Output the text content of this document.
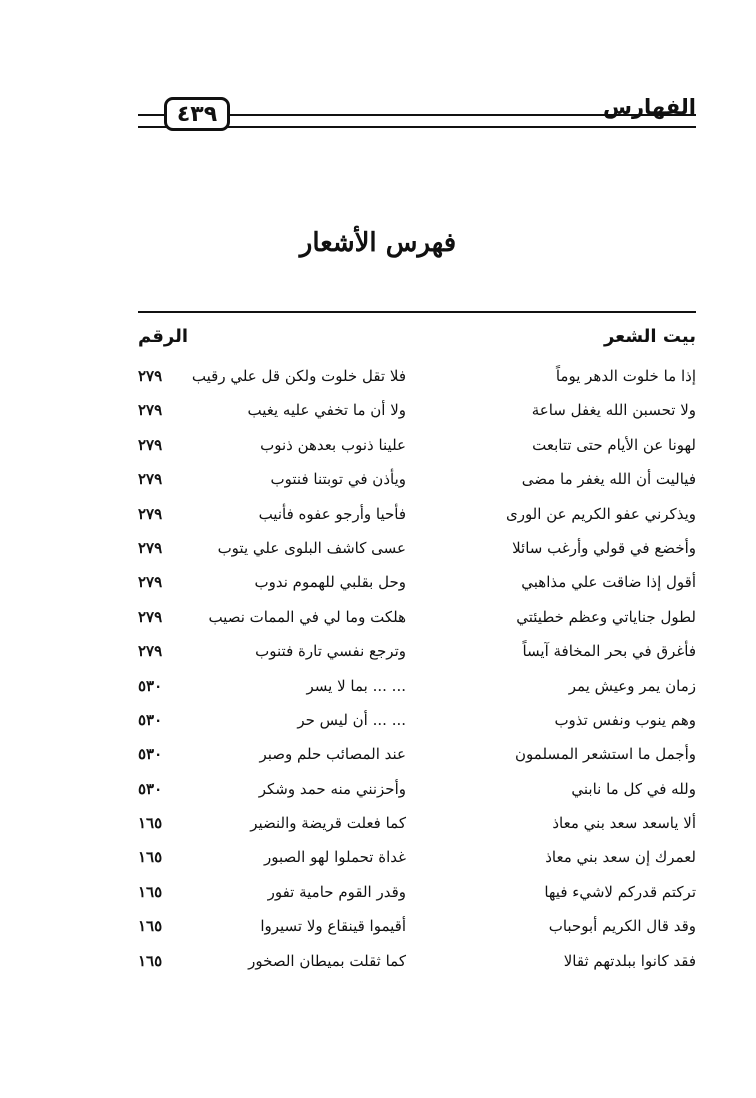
الفهارس
٤٣٩
فهرس الأشعار
بيت الشعر
الرقم
إذا ما خلوت الدهر يوماً
فلا تقل خلوت ولكن قل علي رقيب
٢٧٩
ولا تحسبن الله يغفل ساعة
ولا أن ما تخفي عليه يغيب
٢٧٩
لهونا عن الأيام حتى تتابعت
علينا ذنوب بعدهن ذنوب
٢٧٩
فياليت أن الله يغفر ما مضى
ويأذن في توبتنا فنتوب
٢٧٩
ويذكرني عفو الكريم عن الورى
فأحيا وأرجو عفوه فأنيب
٢٧٩
وأخضع في قولي وأرغب سائلا
عسى كاشف البلوى علي يتوب
٢٧٩
أقول إذا ضاقت علي مذاهبي
وحل بقلبي للهموم ندوب
٢٧٩
لطول جناياتي وعظم خطيئتي
هلكت وما لي في الممات نصيب
٢٧٩
فأغرق في بحر المخافة آيساً
وترجع نفسي تارة فتنوب
٢٧٩
زمان يمر وعيش يمر
... ... بما لا يسر
٥٣٠
وهم ينوب ونفس تذوب
... ... أن ليس حر
٥٣٠
وأجمل ما استشعر المسلمون
عند المصائب حلم وصبر
٥٣٠
ولله في كل ما نابني
وأحزنني منه حمد وشكر
٥٣٠
ألا ياسعد سعد بني معاذ
كما فعلت قريضة والنضير
١٦٥
لعمرك إن سعد بني معاذ
غداة تحملوا لهو الصبور
١٦٥
تركتم قدركم لاشيء فيها
وقدر القوم حامية تفور
١٦٥
وقد قال الكريم أبوحباب
أقيموا قينقاع ولا تسيروا
١٦٥
فقد كانوا ببلدتهم ثقالا
كما ثقلت بميطان الصخور
١٦٥
